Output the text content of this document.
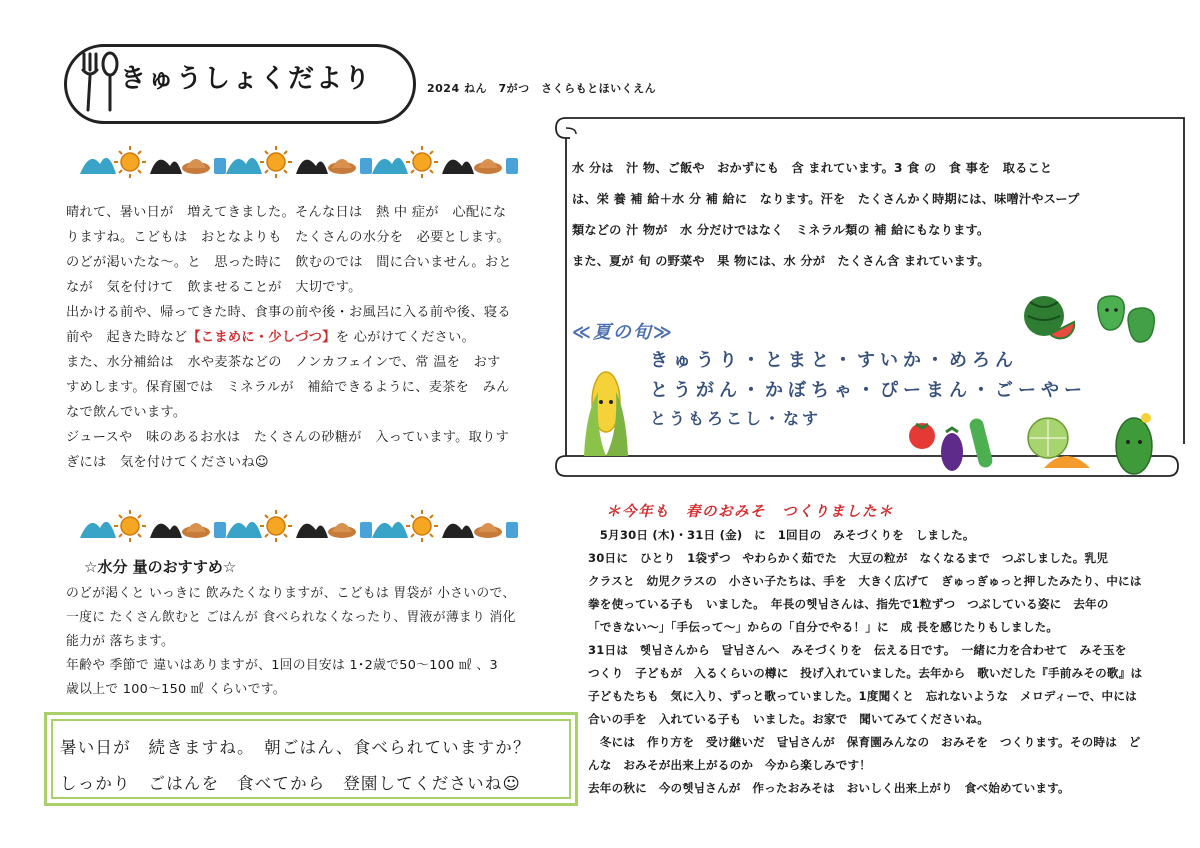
きゅうしょくだより	2024 ねん　7がつ　さくらもとほいくえん
晴れて、暑い日が　増えてきました。そんな日は　熱 中 症が　心配にな
りますね。こどもは　おとなよりも　たくさんの水分を　必要とします。
のどが渇いたな～。と　思った時に　飲むのでは　間に合いません。おと
なが　気を付けて　飲ませることが　大切です。
出かける前や、帰ってきた時、食事の前や後・お風呂に入る前や後、寝る
前や　起きた時など【こまめに・少しづつ】を 心がけてください。
また、水分補給は　水や麦茶などの　ノンカフェインで、常 温を　おす
すめします。保育園では　ミネラルが　補給できるように、麦茶を　みん
なで飲んでいます。
ジュースや　味のあるお水は　たくさんの砂糖が　入っています。取りす
ぎには　気を付けてくださいね☺
☆水分 量のおすすめ☆
のどが渇くと いっきに 飲みたくなりますが、こどもは 胃袋が 小さいので、
一度に たくさん飲むと ごはんが 食べられなくなったり、胃液が薄まり 消化
能力が 落ちます。
年齢や 季節で 違いはありますが、1回の目安は 1･2歳で50～100 ㎖ 、3
歳以上で 100～150 ㎖ くらいです。
暑い日が　続きますね。　朝ごはん、食べられていますか？
しっかり　ごはんを　食べてから　登園してくださいね☺
水 分は　汁 物、ご飯や　おかずにも　含 まれています。3 食 の　食 事を　取ること
は、栄 養 補 給＋水 分 補 給に　なります。汗を　たくさんかく時期には、味噌汁やスープ
類などの 汁 物が　水 分だけではなく　ミネラル類の 補 給にもなります。
また、夏が 旬 の野菜や　果 物には、水 分が　たくさん含 まれています。
≪夏の旬≫
きゅうり・とまと・すいか・めろん
とうがん・かぼちゃ・ぴーまん・ごーやー
とうもろこし・なす
＊今年も　春のおみそ　つくりました＊
　5月30日 (木)・31日 (金)　に　1回目の　みそづくりを　しました。
30日に　ひとり　1袋ずつ　やわらかく茹でた　大豆の粒が　なくなるまで　つぶしました。乳児
クラスと　幼児クラスの　小さい子たちは、手を　大きく広げて　ぎゅっぎゅっと押したみたり、中には
拳を使っている子も　いました。　年長の헷님さんは、指先で1粒ずつ　つぶしている姿に　去年の
「できない～」「手伝って～」からの「自分でやる！」に　成 長を感じたりもしました。
31日は　헷님さんから　달님さんへ　みそづくりを　伝える日です。　一緒に力を合わせて　みそ玉を
つくり　子どもが　入るくらいの樽に　投げ入れていました。去年から　歌いだした『手前みその歌』は
子どもたちも　気に入り、ずっと歌っていました。1度聞くと　忘れないような　メロディーで、中には
合いの手を　入れている子も　いました。お家で　聞いてみてくださいね。
　冬には　作り方を　受け継いだ　달님さんが　保育園みんなの　おみそを　つくります。その時は　ど
んな　おみそが出来上がるのか　今から楽しみです！
去年の秋に　今の헷님さんが　作ったおみそは　おいしく出来上がり　食べ始めています。
